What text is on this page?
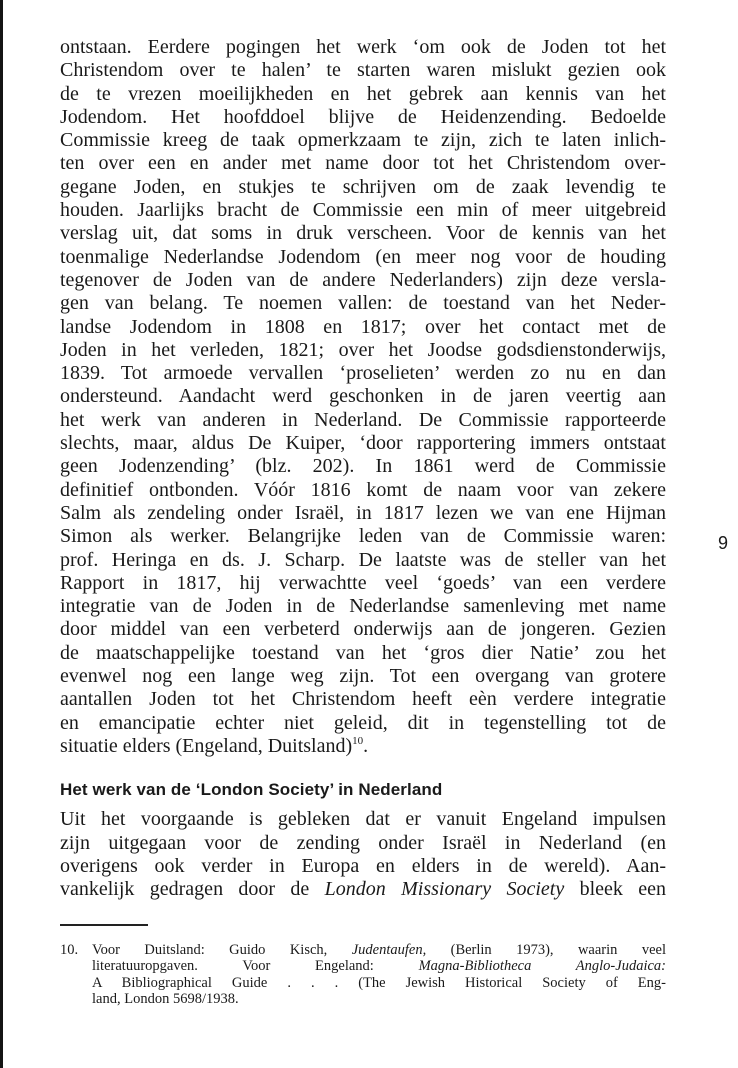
ontstaan. Eerdere pogingen het werk ‘om ook de Joden tot het
Christendom over te halen’ te starten waren mislukt gezien ook
de te vrezen moeilijkheden en het gebrek aan kennis van het
Jodendom. Het hoofddoel blijve de Heidenzending. Bedoelde
Commissie kreeg de taak opmerkzaam te zijn, zich te laten inlich-
ten over een en ander met name door tot het Christendom over-
gegane Joden, en stukjes te schrijven om de zaak levendig te
houden. Jaarlijks bracht de Commissie een min of meer uitgebreid
verslag uit, dat soms in druk verscheen. Voor de kennis van het
toenmalige Nederlandse Jodendom (en meer nog voor de houding
tegenover de Joden van de andere Nederlanders) zijn deze versla-
gen van belang. Te noemen vallen: de toestand van het Neder-
landse Jodendom in 1808 en 1817; over het contact met de
Joden in het verleden, 1821; over het Joodse godsdienstonderwijs,
1839. Tot armoede vervallen ‘proselieten’ werden zo nu en dan
ondersteund. Aandacht werd geschonken in de jaren veertig aan
het werk van anderen in Nederland. De Commissie rapporteerde
slechts, maar, aldus De Kuiper, ‘door rapportering immers ontstaat
geen Jodenzending’ (blz. 202). In 1861 werd de Commissie
definitief ontbonden. Vóór 1816 komt de naam voor van zekere
Salm als zendeling onder Israël, in 1817 lezen we van ene Hijman
Simon als werker. Belangrijke leden van de Commissie waren:
prof. Heringa en ds. J. Scharp. De laatste was de steller van het
Rapport in 1817, hij verwachtte veel ‘goeds’ van een verdere
integratie van de Joden in de Nederlandse samenleving met name
door middel van een verbeterd onderwijs aan de jongeren. Gezien
de maatschappelijke toestand van het ‘gros dier Natie’ zou het
evenwel nog een lange weg zijn. Tot een overgang van grotere
aantallen Joden tot het Christendom heeft eèn verdere integratie
en emancipatie echter niet geleid, dit in tegenstelling tot de
situatie elders (Engeland, Duitsland)$^{10}$.
Het werk van de ‘London Society’ in Nederland
Uit het voorgaande is gebleken dat er vanuit Engeland impulsen
zijn uitgegaan voor de zending onder Israël in Nederland (en
overigens ook verder in Europa en elders in de wereld). Aan-
vankelijk gedragen door de London Missionary Society bleek een
10. Voor Duitsland: Guido Kisch, Judentaufen, (Berlin 1973), waarin veel
literatuuropgaven. Voor Engeland: Magna-Bibliotheca Anglo-Judaica:
A Bibliographical Guide . . . (The Jewish Historical Society of Eng-
land, London 5698/1938.
9
